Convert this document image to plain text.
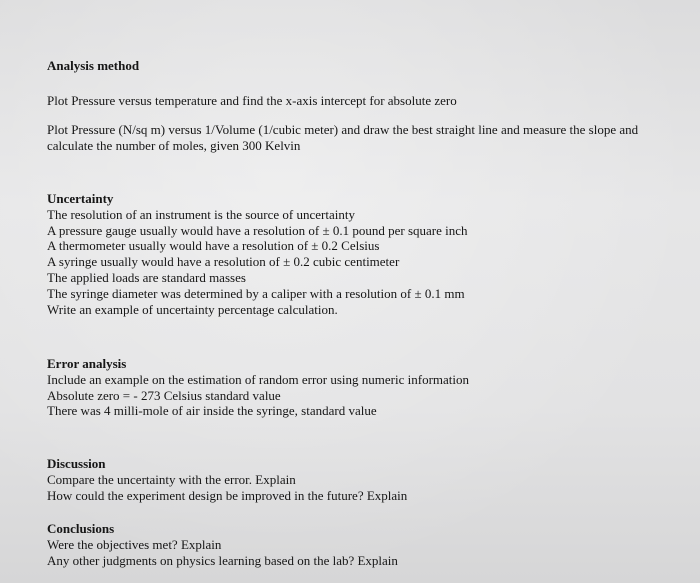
Analysis method
Plot Pressure versus temperature and find the x-axis intercept for absolute zero
Plot Pressure (N/sq m) versus 1/Volume (1/cubic meter) and draw the best straight line and measure the slope and calculate the number of moles, given 300 Kelvin
Uncertainty
The resolution of an instrument is the source of uncertainty
A pressure gauge usually would have a resolution of ± 0.1 pound per square inch
A thermometer usually would have a resolution of ± 0.2 Celsius
A syringe usually would have a resolution of ± 0.2 cubic centimeter
The applied loads are standard masses
The syringe diameter was determined by a caliper with a resolution of ± 0.1 mm
Write an example of uncertainty percentage calculation.
Error analysis
Include an example on the estimation of random error using numeric information
Absolute zero = - 273 Celsius standard value
There was 4 milli-mole of air inside the syringe, standard value
Discussion
Compare the uncertainty with the error. Explain
How could the experiment design be improved in the future? Explain
Conclusions
Were the objectives met? Explain
Any other judgments on physics learning based on the lab? Explain
